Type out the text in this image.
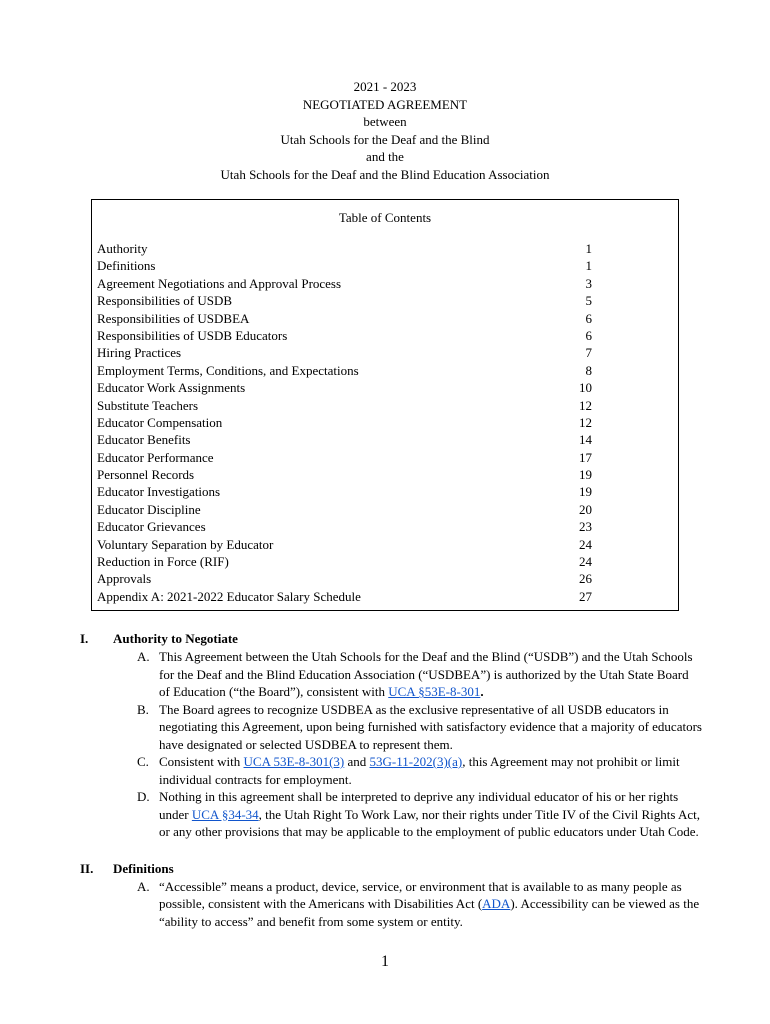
2021 - 2023
NEGOTIATED AGREEMENT
between
Utah Schools for the Deaf and the Blind
and the
Utah Schools for the Deaf and the Blind Education Association
Table of Contents
Authority	1
Definitions	1
Agreement Negotiations and Approval Process	3
Responsibilities of USDB	5
Responsibilities of USDBEA	6
Responsibilities of USDB Educators	6
Hiring Practices	7
Employment Terms, Conditions, and Expectations	8
Educator Work Assignments	10
Substitute Teachers	12
Educator Compensation	12
Educator Benefits	14
Educator Performance	17
Personnel Records	19
Educator Investigations	19
Educator Discipline	20
Educator Grievances	23
Voluntary Separation by Educator	24
Reduction in Force (RIF)	24
Approvals	26
Appendix A: 2021-2022 Educator Salary Schedule	27
I. Authority to Negotiate
A. This Agreement between the Utah Schools for the Deaf and the Blind (“USDB”) and the Utah Schools for the Deaf and the Blind Education Association (“USDBEA”) is authorized by the Utah State Board of Education (“the Board”), consistent with UCA §53E-8-301.
B. The Board agrees to recognize USDBEA as the exclusive representative of all USDB educators in negotiating this Agreement, upon being furnished with satisfactory evidence that a majority of educators have designated or selected USDBEA to represent them.
C. Consistent with UCA 53E-8-301(3) and 53G-11-202(3)(a), this Agreement may not prohibit or limit individual contracts for employment.
D. Nothing in this agreement shall be interpreted to deprive any individual educator of his or her rights under UCA §34-34, the Utah Right To Work Law, nor their rights under Title IV of the Civil Rights Act, or any other provisions that may be applicable to the employment of public educators under Utah Code.
II. Definitions
A. “Accessible” means a product, device, service, or environment that is available to as many people as possible, consistent with the Americans with Disabilities Act (ADA). Accessibility can be viewed as the “ability to access” and benefit from some system or entity.
1
